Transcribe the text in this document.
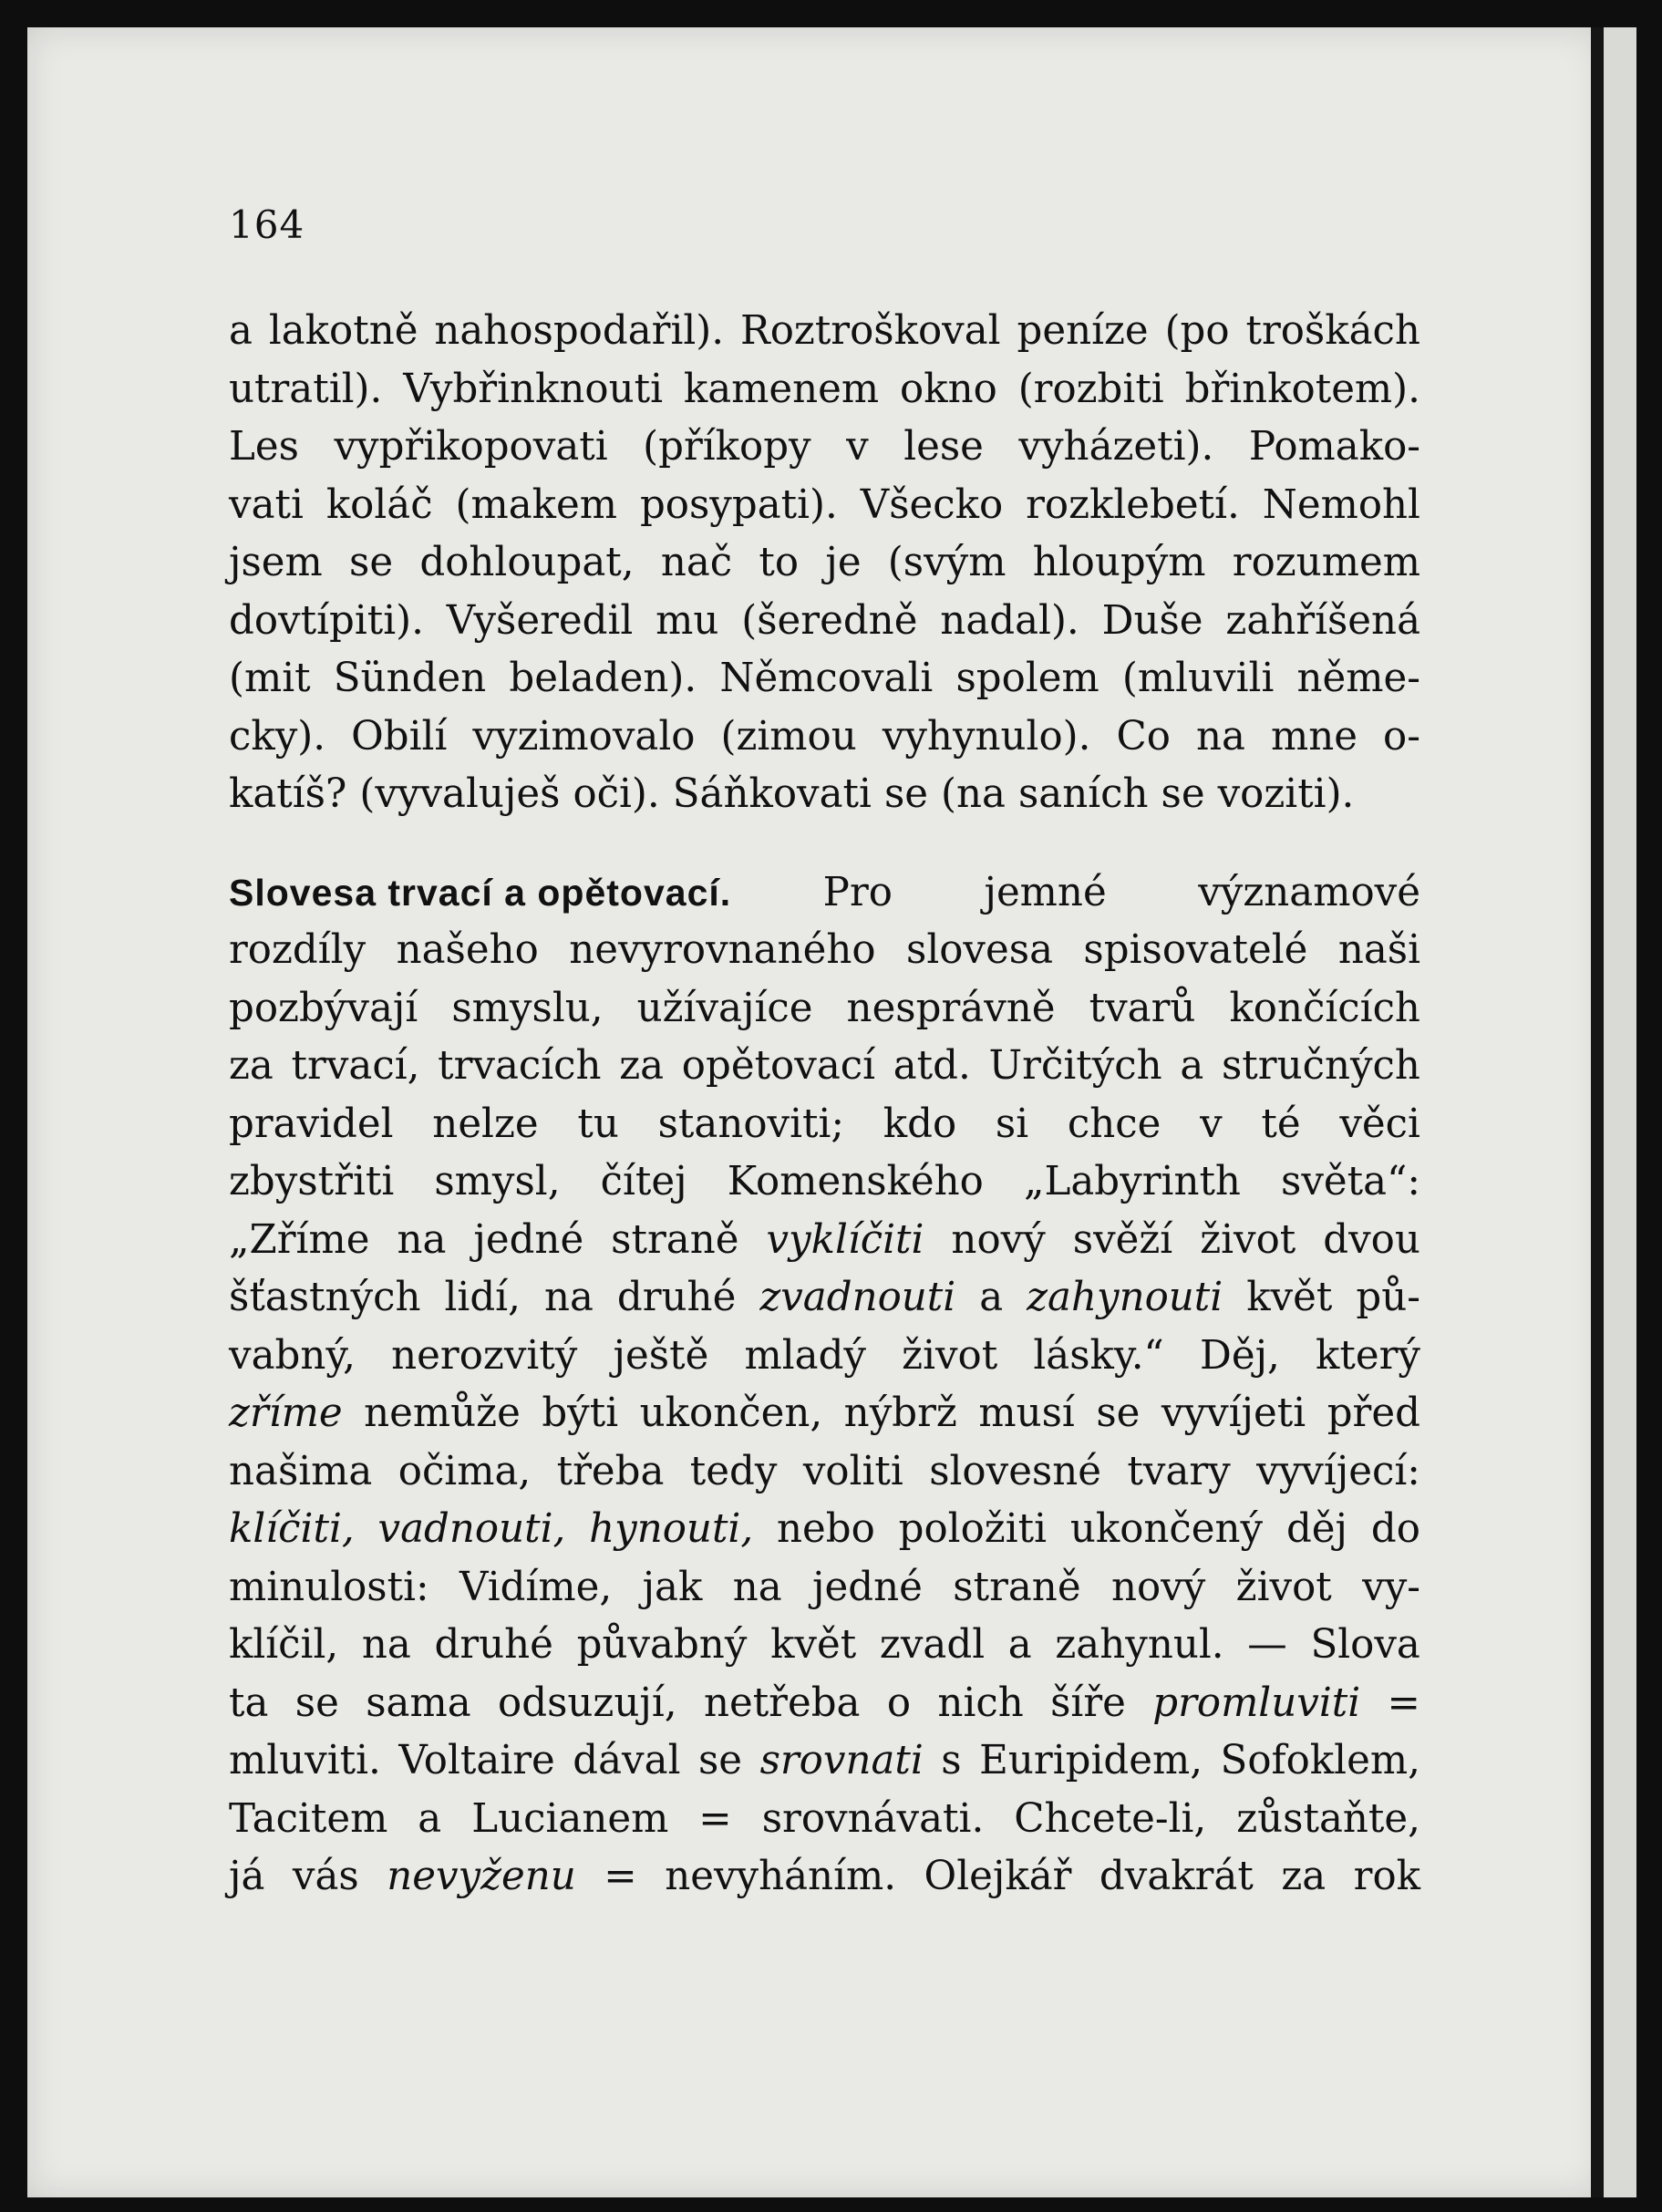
164
a lakotně nahospodařil). Roztroškoval peníze (po troškách
utratil). Vybřinknouti kamenem okno (rozbiti břinkotem).
Les vypřikopovati (příkopy v lese vyházeti). Pomako-
vati koláč (makem posypati). Všecko rozklebetí. Nemohl
jsem se dohloupat, nač to je (svým hloupým rozumem
dovtípiti). Vyšeredil mu (šeredně nadal). Duše zahříšená
(mit Sünden beladen). Němcovali spolem (mluvili něme-
cky). Obilí vyzimovalo (zimou vyhynulo). Co na mne o-
katíš? (vyvaluješ oči). Sáňkovati se (na saních se voziti).
Slovesa trvací a opětovací. Pro jemné významové
rozdíly našeho nevyrovnaného slovesa spisovatelé naši
pozbývají smyslu, užívajíce nesprávně tvarů končících
za trvací, trvacích za opětovací atd. Určitých a stručných
pravidel nelze tu stanoviti; kdo si chce v té věci
zbystřiti smysl, čítej Komenského „Labyrinth světa“:
„Zříme na jedné straně vyklíčiti nový svěží život dvou
šťastných lidí, na druhé zvadnouti a zahynouti květ pů-
vabný, nerozvitý ještě mladý život lásky.“ Děj, který
zříme nemůže býti ukončen, nýbrž musí se vyvíjeti před
našima očima, třeba tedy voliti slovesné tvary vyvíjecí:
klíčiti, vadnouti, hynouti, nebo položiti ukončený děj do
minulosti: Vidíme, jak na jedné straně nový život vy-
klíčil, na druhé půvabný květ zvadl a zahynul. — Slova
ta se sama odsuzují, netřeba o nich šíře promluviti =
mluviti. Voltaire dával se srovnati s Euripidem, Sofoklem,
Tacitem a Lucianem = srovnávati. Chcete-li, zůstaňte,
já vás nevyženu = nevyháním. Olejkář dvakrát za rok
